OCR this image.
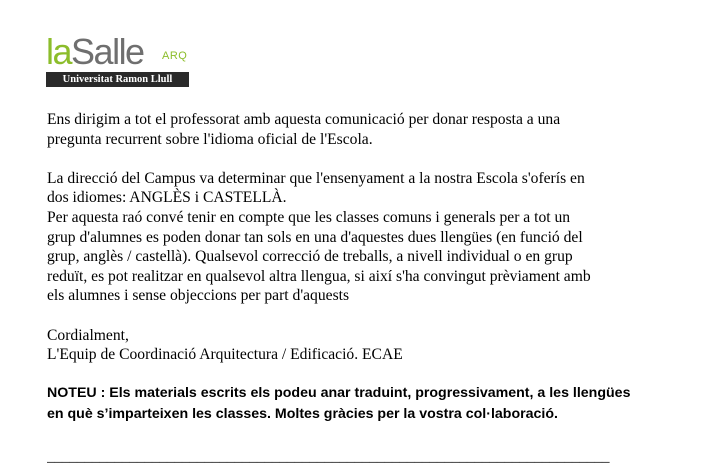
laSalle ARQ
Universitat Ramon Llull

Ens dirigim a tot el professorat amb aquesta comunicació per donar resposta a una
pregunta recurrent sobre l'idioma oficial de l'Escola.

La direcció del Campus va determinar que l'ensenyament a la nostra Escola s'oferís en
dos idiomes: ANGLÈS i CASTELLÀ.

Per aquesta raó convé tenir en compte que les classes comuns i generals per a tot un
grup d'alumnes es poden donar tan sols en una d'aquestes dues llengües (en funció del
grup, anglès / castellà). Qualsevol correcció de treballs, a nivell individual o en grup
reduït, es pot realitzar en qualsevol altra llengua, si així s'ha convingut prèviament amb
els alumnes i sense objeccions per part d'aquests

Cordialment,
L'Equip de Coordinació Arquitectura / Edificació. ECAE

NOTEU : Els materials escrits els podeu anar traduint, progressivament, a les llengües
en què s’imparteixen les classes. Moltes gràcies per la vostra col·laboració.

___________________________________________________________________________
